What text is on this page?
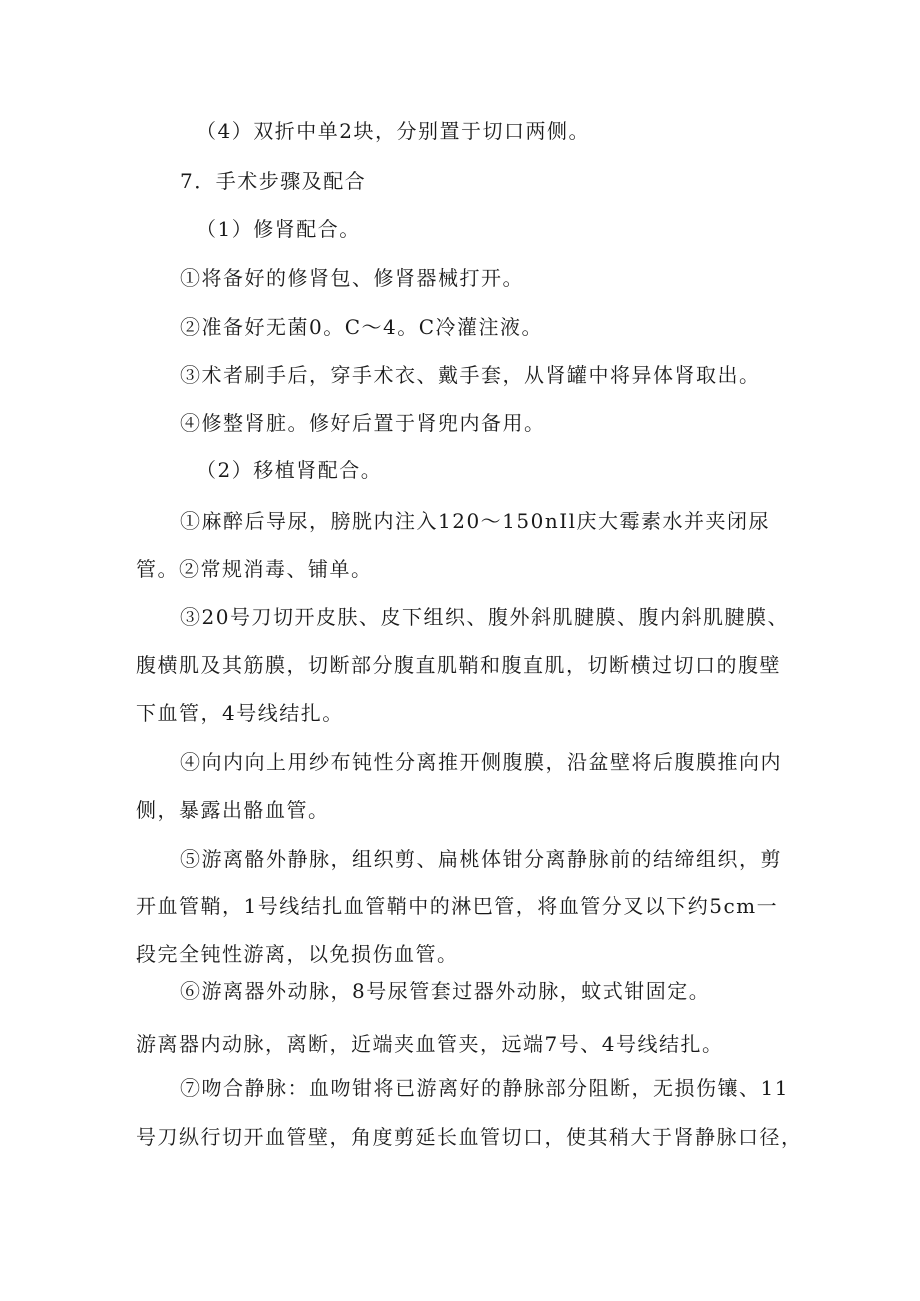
（4）双折中单2块，分别置于切口两侧。
7．手术步骤及配合
（1）修肾配合。
①将备好的修肾包、修肾器械打开。
②准备好无菌0。C～4。C冷灌注液。
③术者刷手后，穿手术衣、戴手套，从肾罐中将异体肾取出。
④修整肾脏。修好后置于肾兜内备用。
（2）移植肾配合。
①麻醉后导尿，膀胱内注入120～150nIl庆大霉素水并夹闭尿
管。②常规消毒、铺单。
③20号刀切开皮肤、皮下组织、腹外斜肌腱膜、腹内斜肌腱膜、
腹横肌及其筋膜，切断部分腹直肌鞘和腹直肌，切断横过切口的腹壁
下血管，4号线结扎。
④向内向上用纱布钝性分离推开侧腹膜，沿盆壁将后腹膜推向内
侧，暴露出骼血管。
⑤游离骼外静脉，组织剪、扁桃体钳分离静脉前的结缔组织，剪
开血管鞘，1号线结扎血管鞘中的淋巴管，将血管分叉以下约5cm一
段完全钝性游离，以免损伤血管。
⑥游离器外动脉，8号尿管套过器外动脉，蚊式钳固定。
游离器内动脉，离断，近端夹血管夹，远端7号、4号线结扎。
⑦吻合静脉：血吻钳将已游离好的静脉部分阻断，无损伤镶、11
号刀纵行切开血管壁，角度剪延长血管切口，使其稍大于肾静脉口径，
